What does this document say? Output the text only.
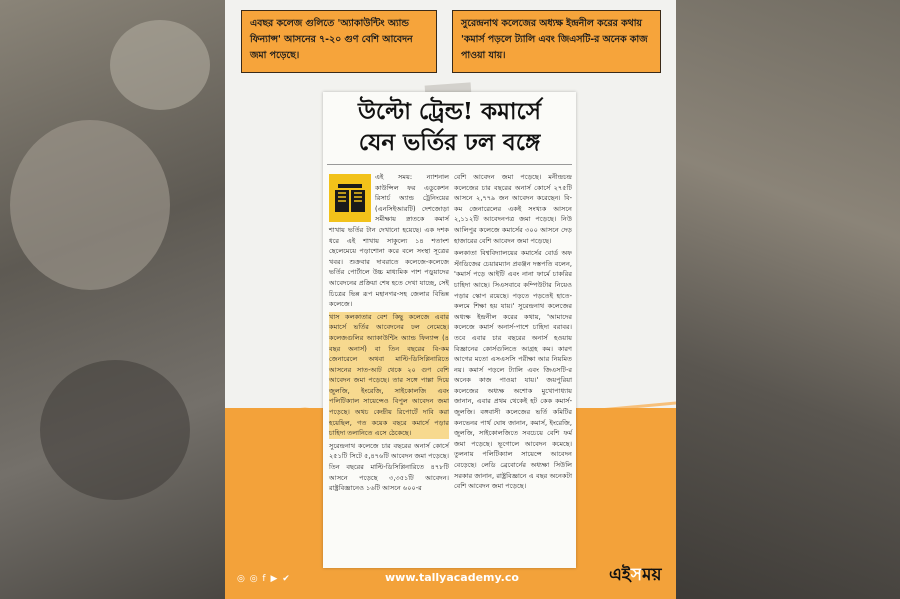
এবছর কলেজ গুলিতে 'অ্যাকাউন্টিং অ্যান্ড ফিন্যান্স' আসনের ৭-২০ গুণ বেশি আবেদন জমা পড়েছে।
সুরেন্দ্রনাথ কলেজের অধ্যক্ষ ইন্দ্রনীল করের কথায় 'কমার্স পড়লে ট্যালি এবং জিএসটি-র অনেক কাজ পাওয়া যায়।
উল্টো ট্রেন্ড! কমার্সে
যেন ভর্তির ঢল বঙ্গে

এই সময়: ন্যাশনাল কাউন্সিল ফর এডুকেশন রিসার্চ অ্যান্ড ট্রেনিংয়ের (এনসিইআরটি) দেশজোড়া সমীক্ষায় স্নাতকে কমার্স শাখায় ভর্তির টান দেখানো হয়েছে। এক দশক ধরে এই শাখায় সাকুল্যে ১৪ শতাংশ ছেলেমেয়ে পড়াশোনা করে বলে সংস্থা সূত্রের খবর। শুক্রবার দাবরাতে কলেজে-কলেজে ভর্তির পোর্টালে উচ্চ মাধ্যমিক পাশ পড়ুয়াদের আবেদনের প্রক্রিয়া শেষ হতে দেখা যাচ্ছে, সেই চিত্রের ভিন্ন রূপ মহানগর-সহ জেলার বিভিন্ন কলেজে।

খাস কলকাতার বেশ কিছু কলেজে এবার কমার্সে ভর্তির আবেদনের ঢল নেমেছে। কলেজগুলির অ্যাকাউন্টিং অ্যান্ড ফিন্যান্স (৪ বছর অনার্স) বা তিন বছরের বি-কম জেনারেলে অথবা মাল্টি-ডিসিপ্লিনারিতে আসনের সাত-আট থেকে ২০ গুণ বেশি আবেদন জমা পড়েছে। তার সঙ্গে পাল্লা দিয়ে জুলজি, ইংরেজি, সাইকোলজি এবং পলিটিক্যাল সায়েন্সেও বিপুল আবেদন জমা পড়েছে। অথচ কেন্দ্রীয় রিপোর্টে দাবি করা হয়েছিল, গত কয়েক বছরে কমার্সে পড়ার চাহিদা তলানিতে এসে ঠেকেছে।

সুরেন্দ্রনাথ কলেজে চার বছরের অনার্স কোর্সে ২৫১টি সিটে ৫,৪৭৬টি আবেদন জমা পড়েছে। তিন বছরের মাল্টি-ডিসিপ্লিনারিতে ৪৭৮টি আসনে পড়েছে ৩,৩৫১টি আবেদন। রাষ্ট্রবিজ্ঞানেও ১৬টি আসনে ৬০০-র

বেশি আবেদন জমা পড়েছে। মনীন্দ্রচন্দ্র কলেজের চার বছরের অনার্স কোর্সে ২৭৫টি আসনে ২,৭৭৯ জন আবেদন করেছেন। বি-কম জেনারেলের একই সংখ্যক আসনে ২,১১২টি আবেদনপত্র জমা পড়েছে। নিউ আলিপুর কলেজে কমার্সের ৩০০ আসনে দেড় হাজারের বেশি আবেদন জমা পড়েছে।

কলকাতা বিশ্ববিদ্যালয়ের কমার্সের বোর্ড অফ স্টাডিজের চেয়ারম্যান প্রবঞ্জন দস্তপতি বলেন, 'কমার্স পড়ে আইটি এবং নানা ফার্মে চাকরির চাহিদা আছে। সিএসবাবে কম্পিউটার নিয়েও পড়ার স্কোপ রয়েছে। পড়তে পড়তেই হাতে-কলমে শিক্ষা হয় যায়।' সুরেন্দ্রনাথ কলেজের অধ্যক্ষ ইন্দ্রনীল করের কথায়, 'আমাদের কলেজে কমার্স অনার্স-পাশে চাহিদা বরাবর। তবে এবার চার বছরের অনার্স হওয়ায় বিজ্ঞানের কোর্সগুলিতে আগ্রহ কম। কারণ আগের মতো এসএসসি পরীক্ষা আর নিয়মিত নয়। কমার্স পড়লে ট্যালি এবং জিএসটি-র অনেক কাজ পাওয়া যায়।' জয়পুরিয়া কলেজের অধ্যক্ষ অশোক মুখোপাধ্যায় জানান, এবার প্রথম থেকেই হট কেক কমার্স-জুলজি। বঙ্গবাসী কলেজের ভর্তি কমিটির কনভেনর পার্থ ঘোষ জানান, কমার্স, ইংরেজি, জুলজি, সাইকোলজিতে সবচেয়ে বেশি ফর্ম জমা পড়েছে। ভূগোলে আবেদন কমেছে। তুলনায় পলিটিক্যাল সায়েন্সে আবেদন বেড়েছে। লেডি ব্রেবোর্নের অধ্যক্ষা সিউলি সরকার জানান, রাষ্ট্রবিজ্ঞানে এ বছর অনেকটা বেশি আবেদন জমা পড়েছে।

◎ ◎ f ▶ ✔	www.tallyacademy.co	এইসময়
